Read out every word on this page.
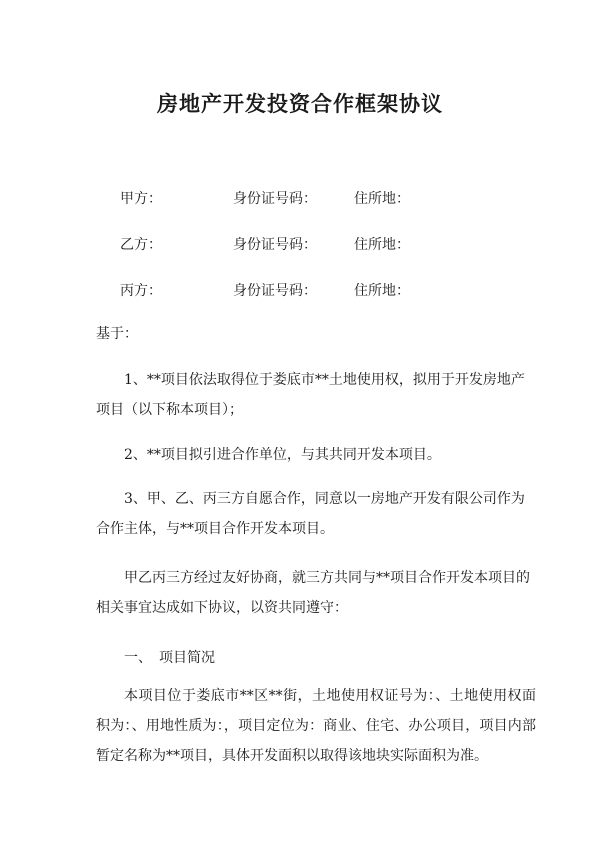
房地产开发投资合作框架协议
甲方：	身份证号码：	住所地：
乙方：	身份证号码：	住所地：
丙方：	身份证号码：	住所地：

基于：

1、**项目依法取得位于娄底市**土地使用权，拟用于开发房地产项目（以下称本项目）；

2、**项目拟引进合作单位，与其共同开发本项目。

3、甲、乙、丙三方自愿合作，同意以一房地产开发有限公司作为合作主体，与**项目合作开发本项目。

甲乙丙三方经过友好协商，就三方共同与**项目合作开发本项目的相关事宜达成如下协议，以资共同遵守：

一、　项目简况

本项目位于娄底市**区**街，土地使用权证号为：、土地使用权面积为：、用地性质为：，项目定位为：商业、住宅、办公项目，项目内部暂定名称为**项目，具体开发面积以取得该地块实际面积为准。
